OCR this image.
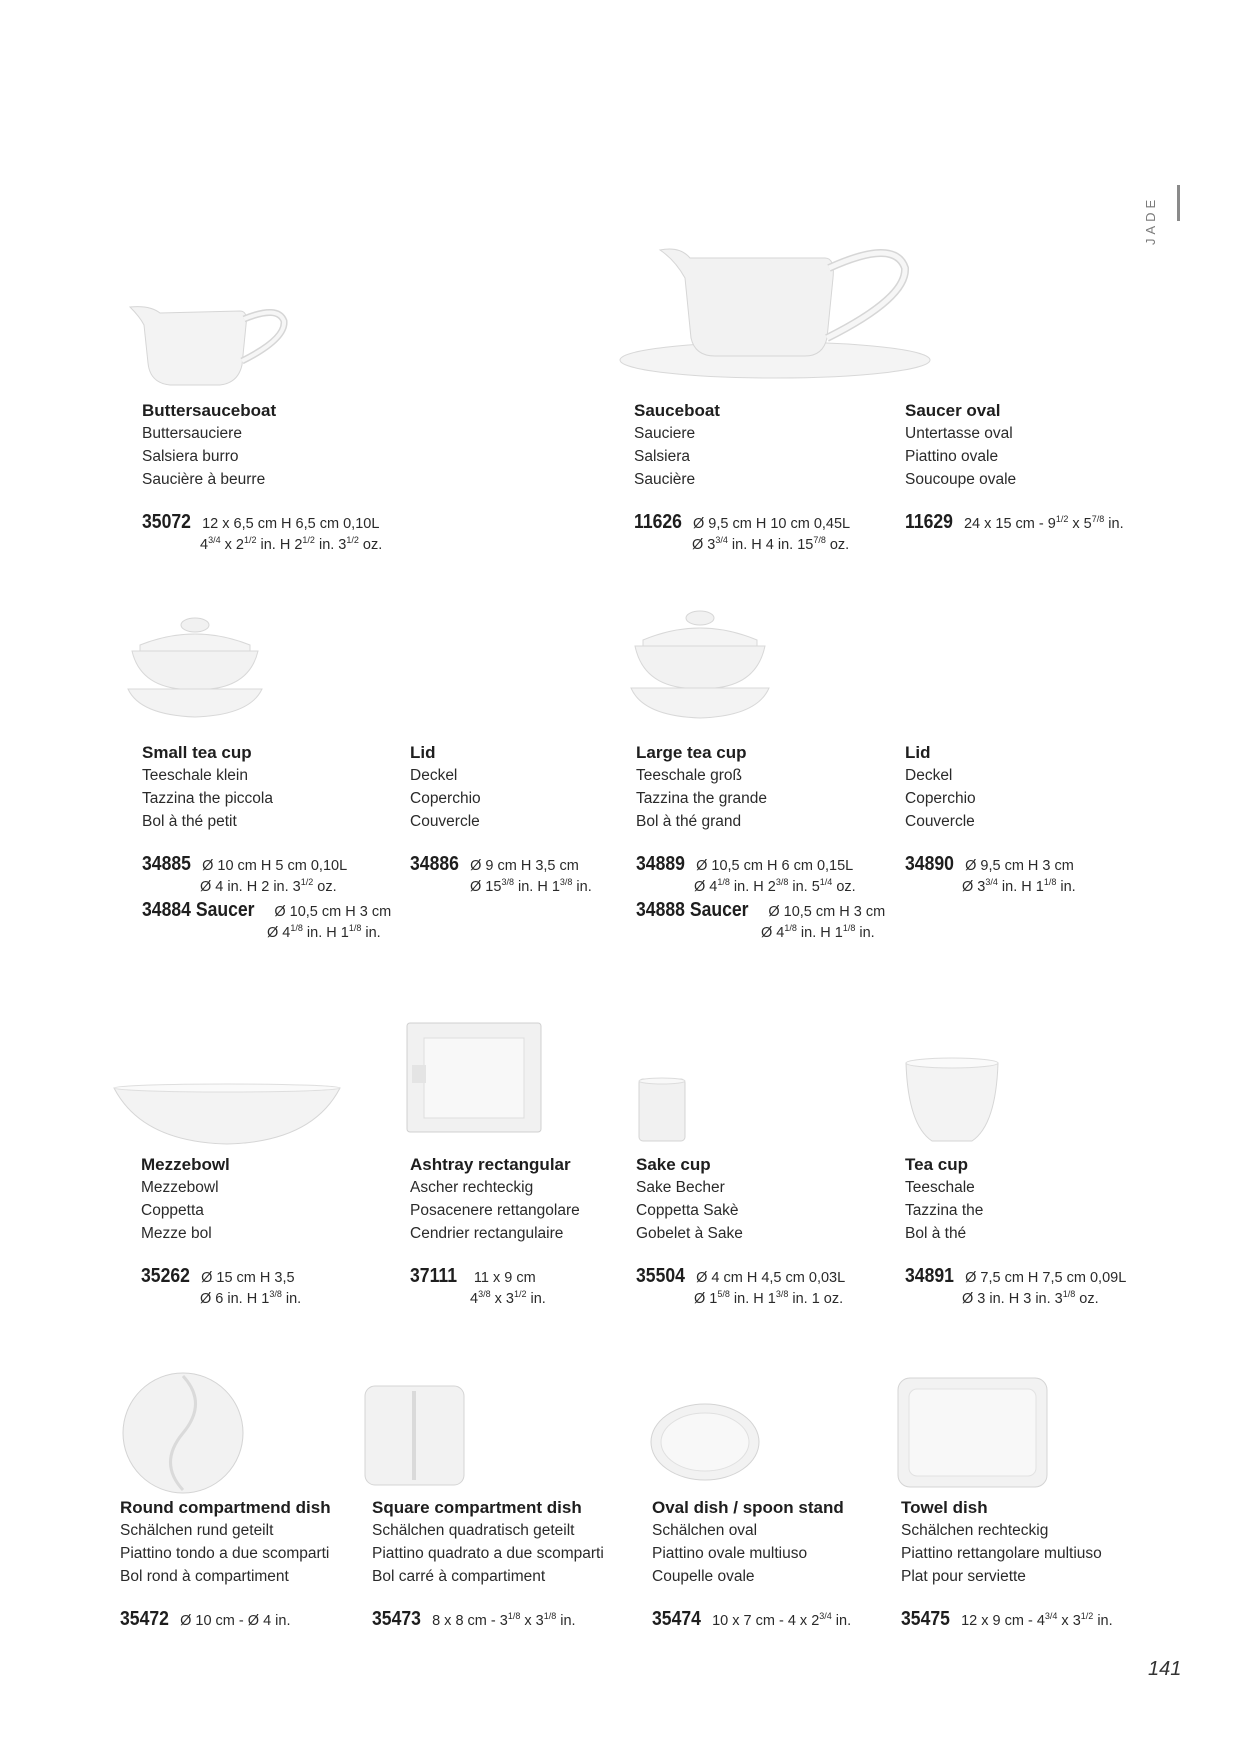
JADE
Buttersauceboat
Buttersauciere
Salsiera burro
Saucière à beurre
35072 12 x 6,5 cm H 6,5 cm 0,10L
$4^{3/4}$ x $2^{1/2}$ in. H $2^{1/2}$ in. $3^{1/2}$ oz.
Sauceboat
Sauciere
Salsiera
Saucière
11626 Ø 9,5 cm H 10 cm 0,45L
Ø $3^{3/4}$ in. H 4 in. $15^{7/8}$ oz.
Saucer oval
Untertasse oval
Piattino ovale
Soucoupe ovale
11629 24 x 15 cm - $9^{1/2}$ x $5^{7/8}$ in.
Small tea cup
Teeschale klein
Tazzina the piccola
Bol à thé petit
34885 Ø 10 cm H 5 cm 0,10L
Ø 4 in. H 2 in. $3^{1/2}$ oz.
34884 Saucer Ø 10,5 cm H 3 cm
Ø $4^{1/8}$ in. H $1^{1/8}$ in.
Lid
Deckel
Coperchio
Couvercle
34886 Ø 9 cm H 3,5 cm
Ø $15^{3/8}$ in. H $1^{3/8}$ in.
Large tea cup
Teeschale groß
Tazzina the grande
Bol à thé grand
34889 Ø 10,5 cm H 6 cm 0,15L
Ø $4^{1/8}$ in. H $2^{3/8}$ in. $5^{1/4}$ oz.
34888 Saucer Ø 10,5 cm H 3 cm
Ø $4^{1/8}$ in. H $1^{1/8}$ in.
Lid
Deckel
Coperchio
Couvercle
34890 Ø 9,5 cm H 3 cm
Ø $3^{3/4}$ in. H $1^{1/8}$ in.
Mezzebowl
Mezzebowl
Coppetta
Mezze bol
35262 Ø 15 cm H 3,5
Ø 6 in. H $1^{3/8}$ in.
Ashtray rectangular
Ascher rechteckig
Posacenere rettangolare
Cendrier rectangulaire
37111 11 x 9 cm
$4^{3/8}$ x $3^{1/2}$ in.
Sake cup
Sake Becher
Coppetta Sakè
Gobelet à Sake
35504 Ø 4 cm H 4,5 cm 0,03L
Ø $1^{5/8}$ in. H $1^{3/8}$ in. 1 oz.
Tea cup
Teeschale
Tazzina the
Bol à thé
34891 Ø 7,5 cm H 7,5 cm 0,09L
Ø 3 in. H 3 in. $3^{1/8}$ oz.
Round compartmend dish
Schälchen rund geteilt
Piattino tondo a due scomparti
Bol rond à compartiment
35472 Ø 10 cm - Ø 4 in.
Square compartment dish
Schälchen quadratisch geteilt
Piattino quadrato a due scomparti
Bol carré à compartiment
35473 8 x 8 cm - $3^{1/8}$ x $3^{1/8}$ in.
Oval dish / spoon stand
Schälchen oval
Piattino ovale multiuso
Coupelle ovale
35474 10 x 7 cm - 4 x $2^{3/4}$ in.
Towel dish
Schälchen rechteckig
Piattino rettangolare multiuso
Plat pour serviette
35475 12 x 9 cm - $4^{3/4}$ x $3^{1/2}$ in.
141
